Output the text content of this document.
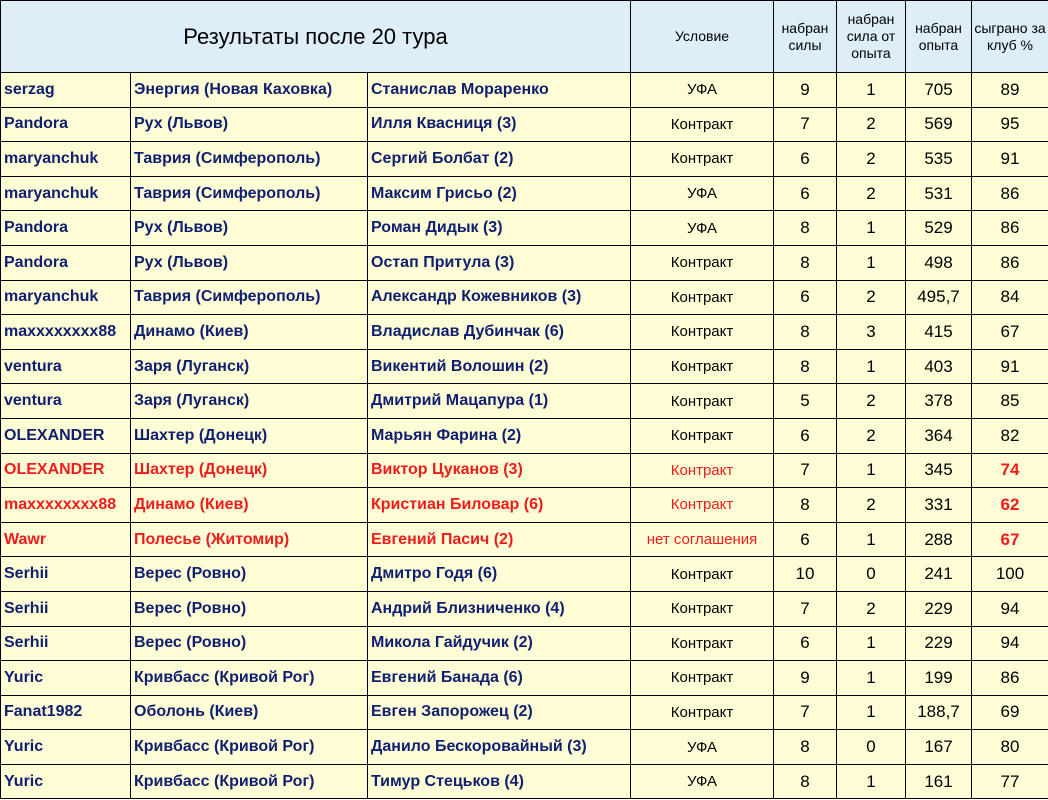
Результаты после 20 тура			Условие	набран силы	набран сила от опыта	набран опыта	сыграно за клуб %
serzag	Энергия (Новая Каховка)	Станислав Мораренко	УФА	9	1	705	89
Pandora	Рух (Львов)	Илля Квасниця (3)	Контракт	7	2	569	95
maryanchuk	Таврия (Симферополь)	Сергий Болбат (2)	Контракт	6	2	535	91
maryanchuk	Таврия (Симферополь)	Максим Грисьо (2)	УФА	6	2	531	86
Pandora	Рух (Львов)	Роман Дидык (3)	УФА	8	1	529	86
Pandora	Рух (Львов)	Остап Притула (3)	Контракт	8	1	498	86
maryanchuk	Таврия (Симферополь)	Александр Кожевников (3)	Контракт	6	2	495,7	84
maxxxxxxxx88	Динамо (Киев)	Владислав Дубинчак (6)	Контракт	8	3	415	67
ventura	Заря (Луганск)	Викентий Волошин (2)	Контракт	8	1	403	91
ventura	Заря (Луганск)	Дмитрий Мацапура (1)	Контракт	5	2	378	85
OLEXANDER	Шахтер (Донецк)	Марьян Фарина (2)	Контракт	6	2	364	82
OLEXANDER	Шахтер (Донецк)	Виктор Цуканов (3)	Контракт	7	1	345	74
maxxxxxxxx88	Динамо (Киев)	Кристиан Биловар (6)	Контракт	8	2	331	62
Wawr	Полесье (Житомир)	Евгений Пасич (2)	нет соглашения	6	1	288	67
Serhii	Верес (Ровно)	Дмитро Годя (6)	Контракт	10	0	241	100
Serhii	Верес (Ровно)	Андрий Близниченко (4)	Контракт	7	2	229	94
Serhii	Верес (Ровно)	Микола Гайдучик (2)	Контракт	6	1	229	94
Yuric	Кривбасс (Кривой Рог)	Евгений Банада (6)	Контракт	9	1	199	86
Fanat1982	Оболонь (Киев)	Евген Запорожец (2)	Контракт	7	1	188,7	69
Yuric	Кривбасс (Кривой Рог)	Данило Бескоровайный (3)	УФА	8	0	167	80
Yuric	Кривбасс (Кривой Рог)	Тимур Стецьков (4)	УФА	8	1	161	77
